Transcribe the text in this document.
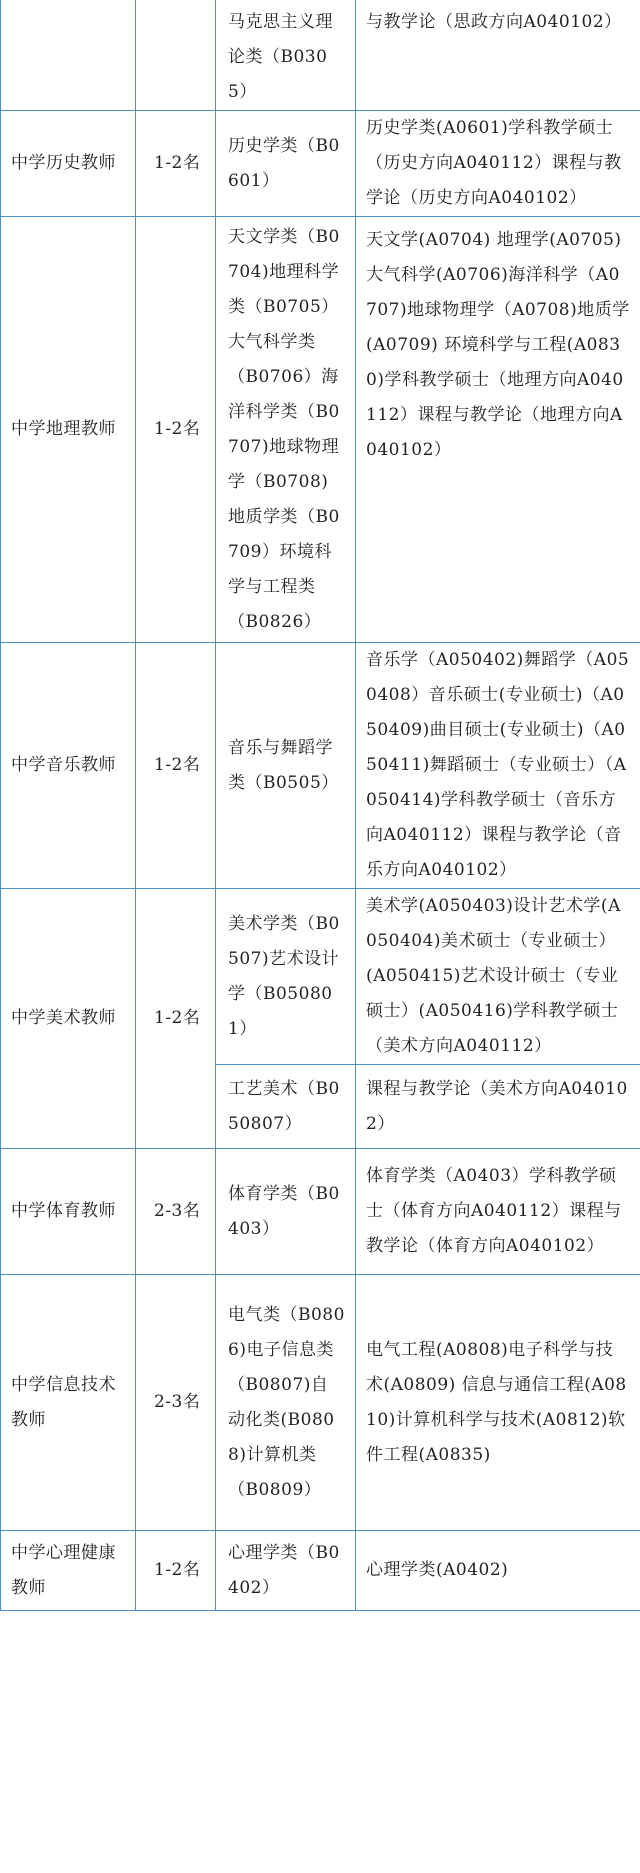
		马克思主义理论类（B0305）	与教学论（思政方向A040102）
中学历史教师	1-2名	历史学类（B0601）	历史学类(A0601)学科教学硕士（历史方向A040112）课程与教学论（历史方向A040102）
中学地理教师	1-2名	天文学类（B0704)地理科学类（B0705）大气科学类（B0706）海洋科学类（B0707)地球物理学（B0708)地质学类（B0709）环境科学与工程类（B0826）	天文学(A0704) 地理学(A0705)大气科学(A0706)海洋科学（A0707)地球物理学（A0708)地质学(A0709) 环境科学与工程(A0830)学科教学硕士（地理方向A040112）课程与教学论（地理方向A040102）
中学音乐教师	1-2名	音乐与舞蹈学类（B0505）	音乐学（A050402)舞蹈学（A050408）音乐硕士(专业硕士)（A050409)曲目硕士(专业硕士)（A050411)舞蹈硕士（专业硕士）（A050414)学科教学硕士（音乐方向A040112）课程与教学论（音乐方向A040102）
中学美术教师	1-2名	美术学类（B0507)艺术设计学（B050801）	美术学(A050403)设计艺术学(A050404)美术硕士（专业硕士）(A050415)艺术设计硕士（专业硕士）(A050416)学科教学硕士（美术方向A040112）
		工艺美术（B050807）	课程与教学论（美术方向A040102）
中学体育教师	2-3名	体育学类（B0403）	体育学类（A0403）学科教学硕士（体育方向A040112）课程与教学论（体育方向A040102）
中学信息技术教师	2-3名	电气类（B0806)电子信息类（B0807)自动化类(B0808)计算机类（B0809）	电气工程(A0808)电子科学与技术(A0809) 信息与通信工程(A0810)计算机科学与技术(A0812)软件工程(A0835)
中学心理健康教师	1-2名	心理学类（B0402）	心理学类(A0402)
